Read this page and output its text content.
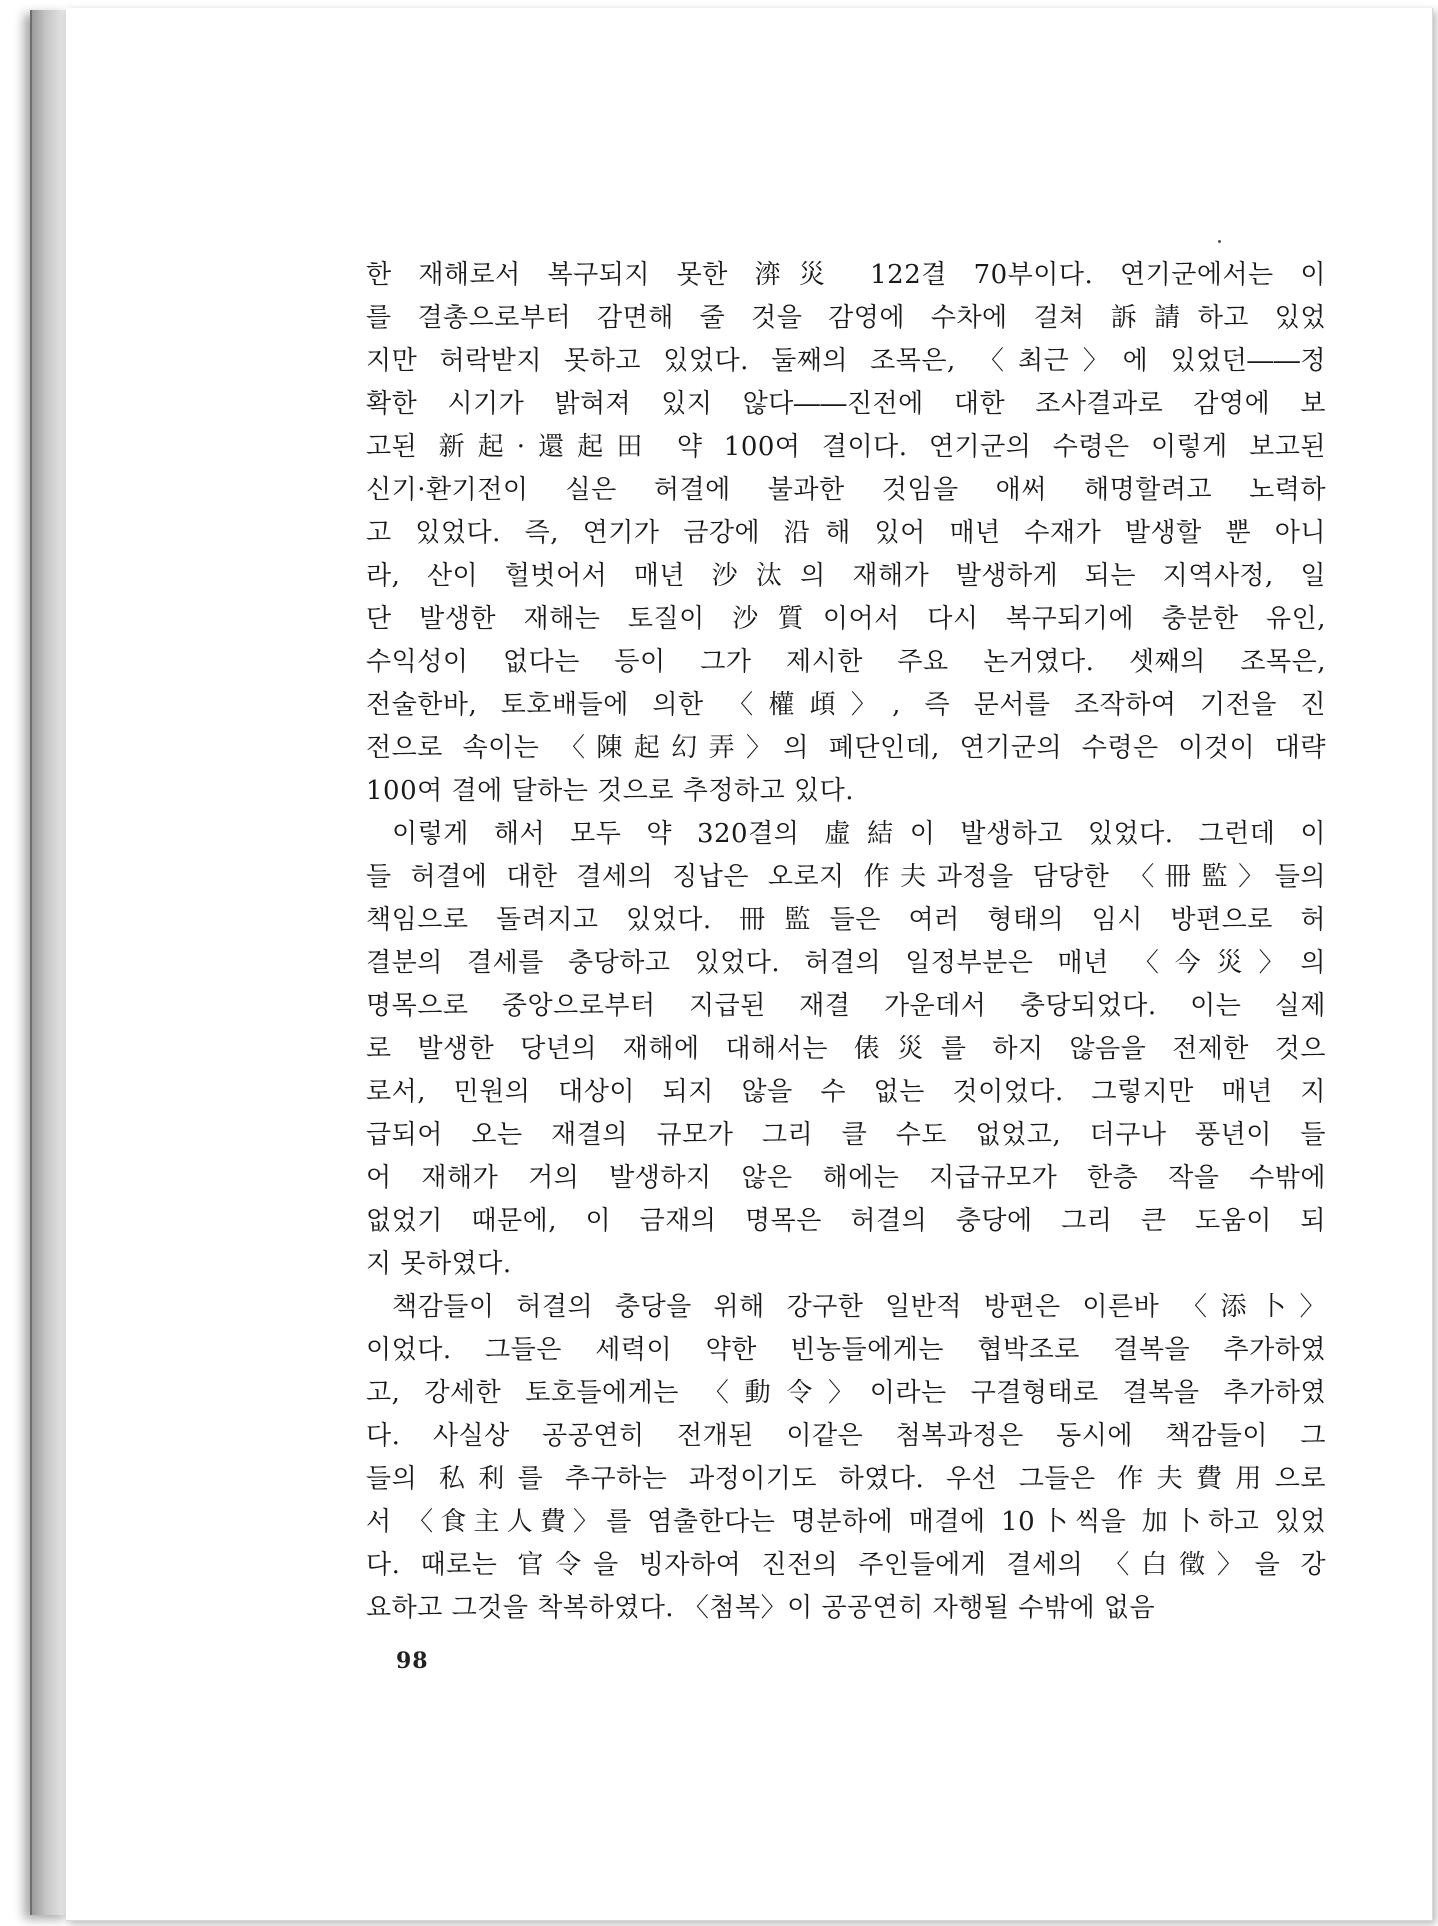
한 재해로서 복구되지 못한 㴒災 122결 70부이다. 연기군에서는 이
를 결총으로부터 감면해 줄 것을 감영에 수차에 걸쳐 訴請하고 있었
지만 허락받지 못하고 있었다. 둘째의 조목은, 〈최근〉에 있었던――정
확한 시기가 밝혀져 있지 않다――진전에 대한 조사결과로 감영에 보
고된 新起·還起田 약 100여 결이다. 연기군의 수령은 이렇게 보고된
신기·환기전이 실은 허결에 불과한 것임을 애써 해명할려고 노력하
고 있었다. 즉, 연기가 금강에 沿해 있어 매년 수재가 발생할 뿐 아니
라, 산이 헐벗어서 매년 沙汰의 재해가 발생하게 되는 지역사정, 일
단 발생한 재해는 토질이 沙質이어서 다시 복구되기에 충분한 유인,
수익성이 없다는 등이 그가 제시한 주요 논거였다. 셋째의 조목은,
전술한바, 토호배들에 의한 〈權頉〉, 즉 문서를 조작하여 기전을 진
전으로 속이는 〈陳起幻弄〉의 폐단인데, 연기군의 수령은 이것이 대략
100여 결에 달하는 것으로 추정하고 있다.
이렇게 해서 모두 약 320결의 虛結이 발생하고 있었다. 그런데 이
들 허결에 대한 결세의 징납은 오로지 作夫과정을 담당한 〈冊監〉들의
책임으로 돌려지고 있었다. 冊監들은 여러 형태의 임시 방편으로 허
결분의 결세를 충당하고 있었다. 허결의 일정부분은 매년 〈今災〉의
명목으로 중앙으로부터 지급된 재결 가운데서 충당되었다. 이는 실제
로 발생한 당년의 재해에 대해서는 俵災를 하지 않음을 전제한 것으
로서, 민원의 대상이 되지 않을 수 없는 것이었다. 그렇지만 매년 지
급되어 오는 재결의 규모가 그리 클 수도 없었고, 더구나 풍년이 들
어 재해가 거의 발생하지 않은 해에는 지급규모가 한층 작을 수밖에
없었기 때문에, 이 금재의 명목은 허결의 충당에 그리 큰 도움이 되
지 못하였다.
책감들이 허결의 충당을 위해 강구한 일반적 방편은 이른바 〈添卜〉
이었다. 그들은 세력이 약한 빈농들에게는 협박조로 결복을 추가하였
고, 강세한 토호들에게는 〈動令〉이라는 구결형태로 결복을 추가하였
다. 사실상 공공연히 전개된 이같은 첨복과정은 동시에 책감들이 그
들의 私利를 추구하는 과정이기도 하였다. 우선 그들은 作夫費用으로
서 〈食主人費〉를 염출한다는 명분하에 매결에 10卜씩을 加卜하고 있었
다. 때로는 官令을 빙자하여 진전의 주인들에게 결세의 〈白徵〉을 강
요하고 그것을 착복하였다. 〈첨복〉이 공공연히 자행될 수밖에 없음
98
